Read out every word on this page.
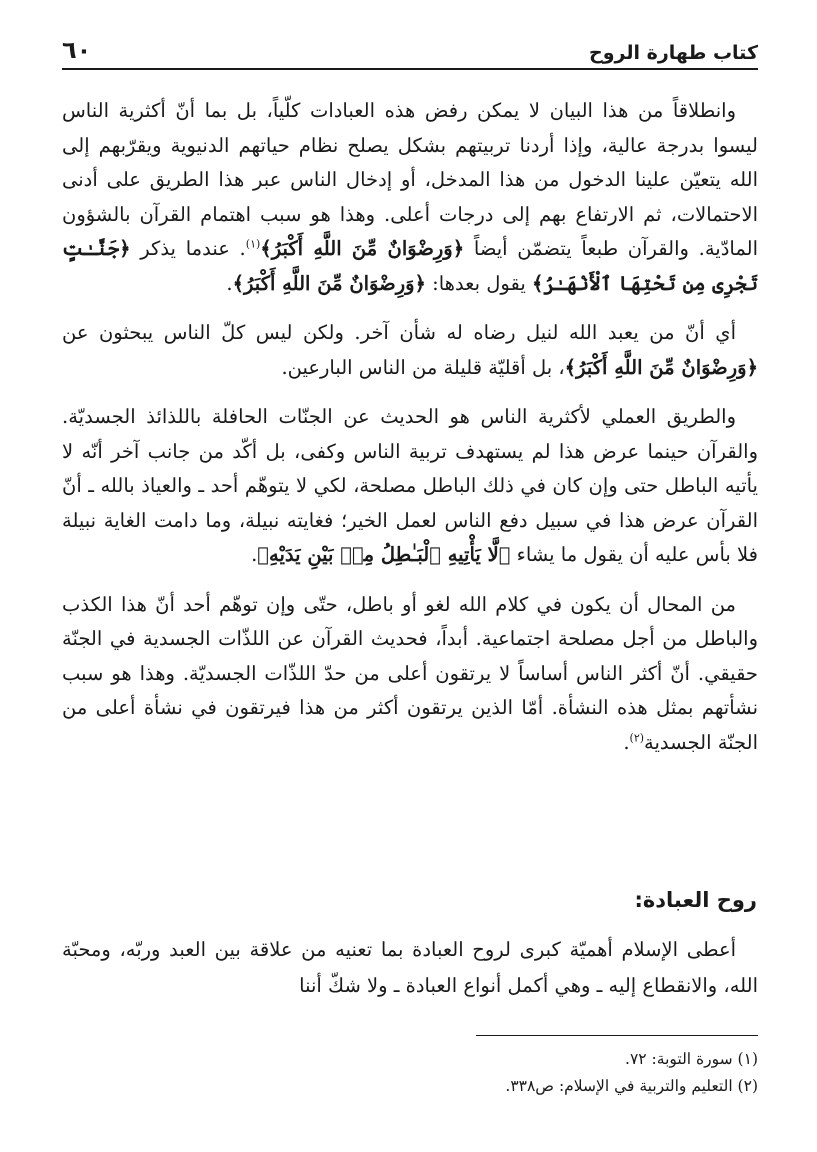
كتاب طهارة الروح
٦٠

وانطلاقاً من هذا البيان لا يمكن رفض هذه العبادات كلّياً، بل بما أنّ أكثرية الناس ليسوا بدرجة عالية، وإذا أردنا تربيتهم بشكل يصلح نظام حياتهم الدنيوية ويقرّبهم إلى الله يتعيّن علينا الدخول من هذا المدخل، أو إدخال الناس عبر هذا الطريق على أدنى الاحتمالات، ثم الارتفاع بهم إلى درجات أعلى. وهذا هو سبب اهتمام القرآن بالشؤون المادّية. والقرآن طبعاً يتضمّن أيضاً ﴿وَرِضْوَانٌ مِّنَ اللَّهِ أَكْبَرُ﴾$^{(١)}$. عندما يذكر ﴿جَنَّـٰتٍ تَجْرِى مِن تَحْتِهَا ٱلْأَنْهَـٰرُ﴾ يقول بعدها: ﴿وَرِضْوَانٌ مِّنَ اللَّهِ أَكْبَرُ﴾.

أي أنّ من يعبد الله لنيل رضاه له شأن آخر. ولكن ليس كلّ الناس يبحثون عن ﴿وَرِضْوَانٌ مِّنَ اللَّهِ أَكْبَرُ﴾، بل أقليّة قليلة من الناس البارعين.

والطريق العملي لأكثرية الناس هو الحديث عن الجنّات الحافلة باللذائذ الجسديّة. والقرآن حينما عرض هذا لم يستهدف تربية الناس وكفى، بل أكّد من جانب آخر أنّه لا يأتيه الباطل حتى وإن كان في ذلك الباطل مصلحة، لكي لا يتوهّم أحد ـ والعياذ بالله ـ أنّ القرآن عرض هذا في سبيل دفع الناس لعمل الخير؛ فغايته نبيلة، وما دامت الغاية نبيلة فلا بأس عليه أن يقول ما يشاء ﴿لَّا يَأْتِيهِ ٱلْبَـٰطِلُ مِنۢ بَيْنِ يَدَيْهِ﴾.

من المحال أن يكون في كلام الله لغو أو باطل، حتّى وإن توهّم أحد أنّ هذا الكذب والباطل من أجل مصلحة اجتماعية. أبداً، فحديث القرآن عن اللذّات الجسدية في الجنّة حقيقي. أنّ أكثر الناس أساساً لا يرتقون أعلى من حدّ اللذّات الجسديّة. وهذا هو سبب نشأتهم بمثل هذه النشأة. أمّا الذين يرتقون أكثر من هذا فيرتقون في نشأة أعلى من الجنّة الجسدية$^{(٢)}$.

روح العبادة:

أعطى الإسلام أهميّة كبرى لروح العبادة بما تعنيه من علاقة بين العبد وربّه، ومحبّة الله، والانقطاع إليه ـ وهي أكمل أنواع العبادة ـ ولا شكّ أننا

(١) سورة التوبة: ٧٢.

(٢) التعليم والتربية في الإسلام: ص٣٣٨.
